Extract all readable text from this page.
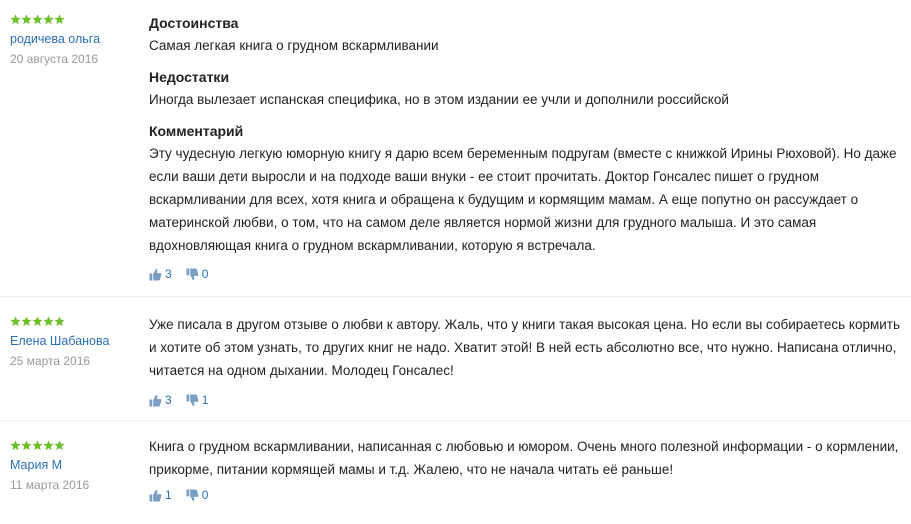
родичева ольга
20 августа 2016
Достоинства
Самая легкая книга о грудном вскармливании
Недостатки
Иногда вылезает испанская специфика, но в этом издании ее учли и дополнили российской
Комментарий
Эту чудесную легкую юморную книгу я дарю всем беременным подругам (вместе с книжкой Ирины Рюховой). Но даже если ваши дети выросли и на подходе ваши внуки - ее стоит прочитать. Доктор Гонсалес пишет о грудном вскармливании для всех, хотя книга и обращена к будущим и кормящим мамам. А еще попутно он рассуждает о материнской любви, о том, что на самом деле является нормой жизни для грудного малыша. И это самая вдохновляющая книга о грудном вскармливании, которую я встречала.
3	0
Елена Шабанова
25 марта 2016
Уже писала в другом отзыве о любви к автору. Жаль, что у книги такая высокая цена. Но если вы собираетесь кормить и хотите об этом узнать, то других книг не надо. Хватит этой! В ней есть абсолютно все, что нужно. Написана отлично, читается на одном дыхании. Молодец Гонсалес!
3	1
Мария М
11 марта 2016
Книга о грудном вскармливании, написанная с любовью и юмором. Очень много полезной информации - о кормлении, прикорме, питании кормящей мамы и т.д. Жалею, что не начала читать её раньше!
1	0
